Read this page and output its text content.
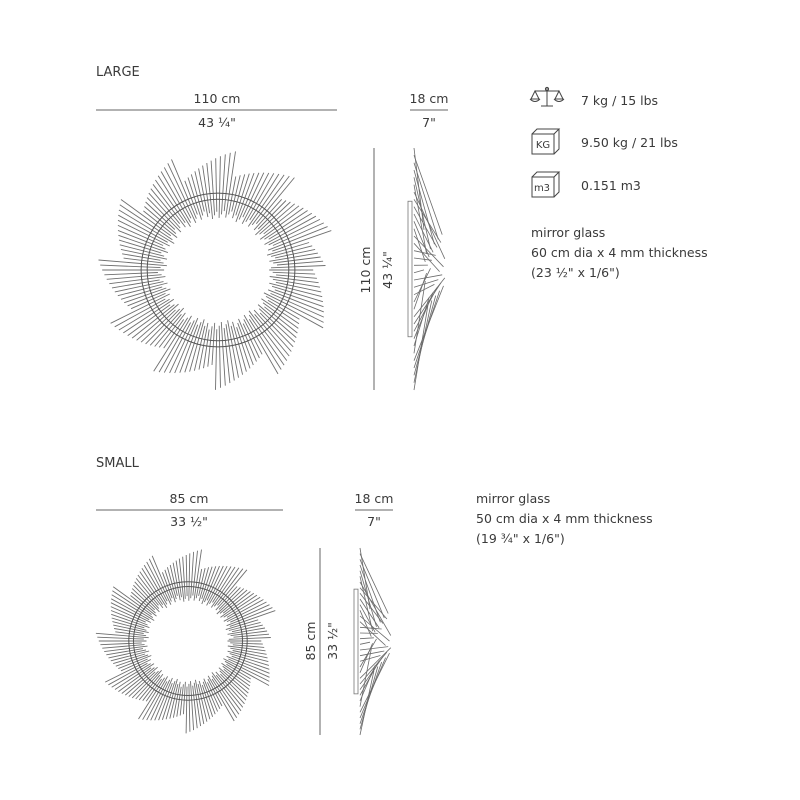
LARGE
110 cm
43 ¼"
18 cm
7"
110 cm 43 ¼"
7 kg / 15 lbs
KG 9.50 kg / 21 lbs
m3 0.151 m3
mirror glass
60 cm dia x 4 mm thickness
(23 ½" x 1/6")
SMALL
85 cm
33 ½"
18 cm
7"
85 cm 33 ½"
mirror glass
50 cm dia x 4 mm thickness
(19 ¾" x 1/6")
